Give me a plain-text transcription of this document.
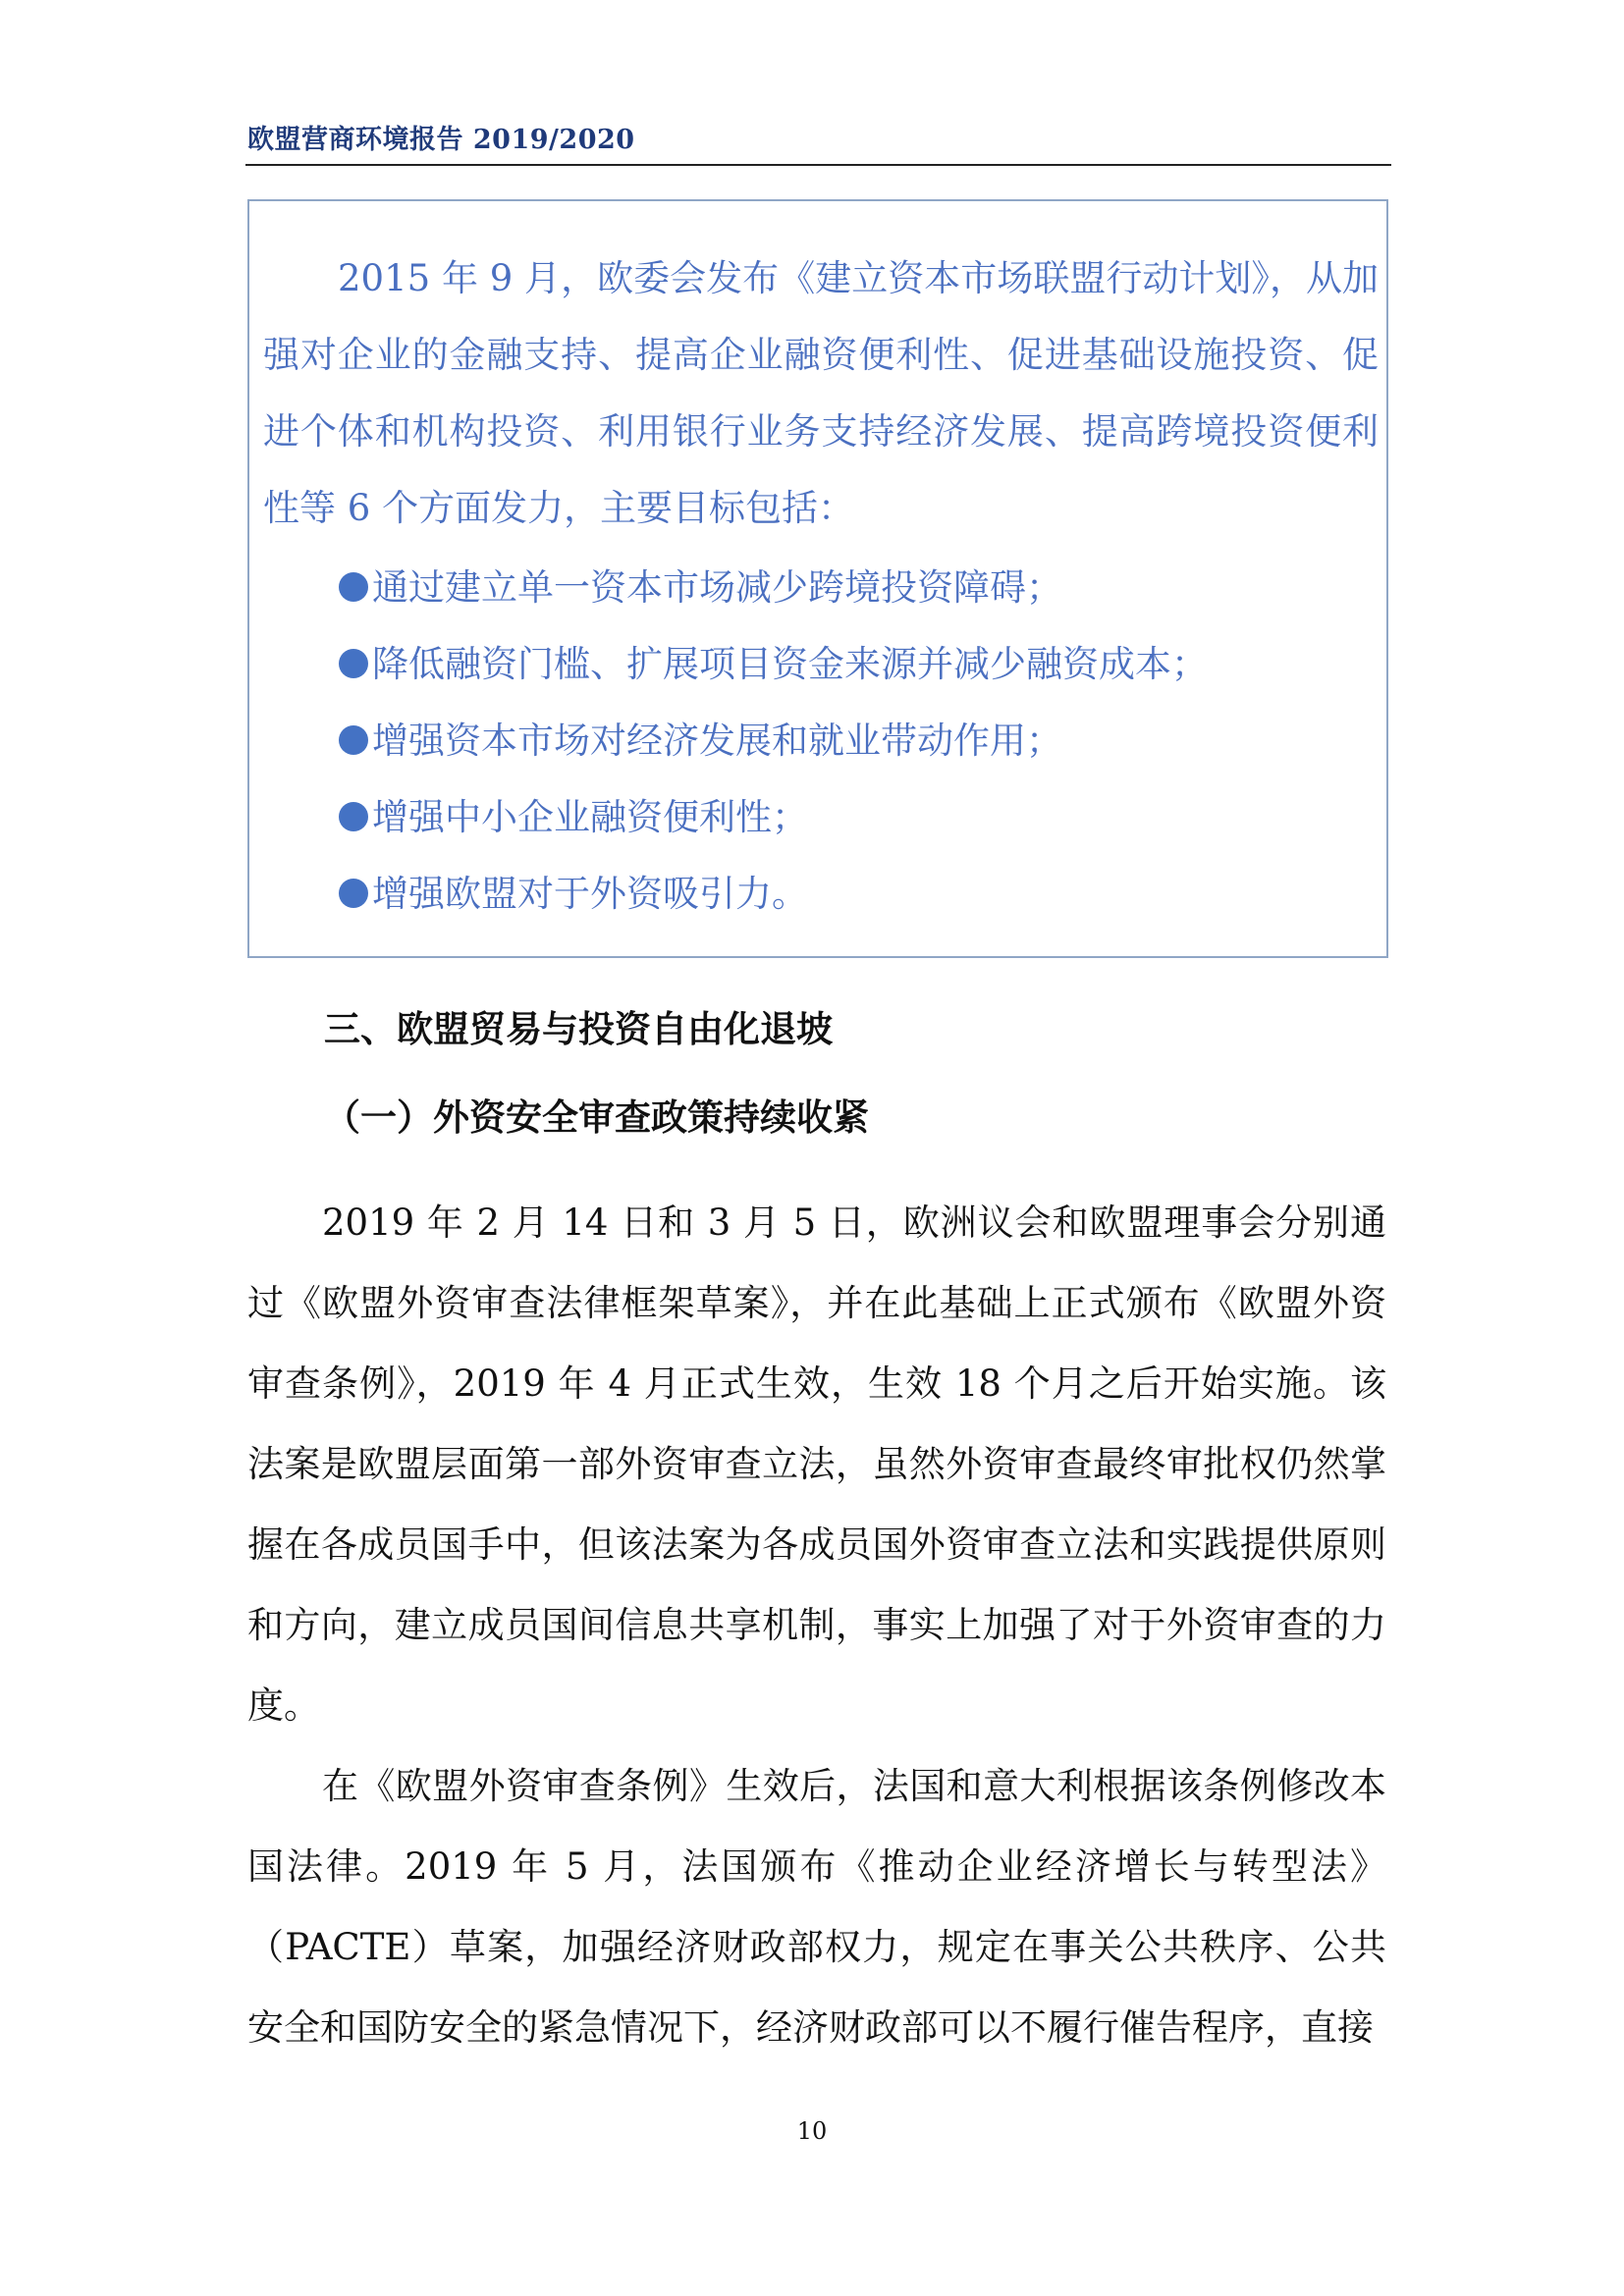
欧盟营商环境报告 2019/2020

2015 年 9 月，欧委会发布《建立资本市场联盟行动计划》，从加强对企业的金融支持、提高企业融资便利性、促进基础设施投资、促进个体和机构投资、利用银行业务支持经济发展、提高跨境投资便利性等 6 个方面发力，主要目标包括：

通过建立单一资本市场减少跨境投资障碍；
降低融资门槛、扩展项目资金来源并减少融资成本；
增强资本市场对经济发展和就业带动作用；
增强中小企业融资便利性；
增强欧盟对于外资吸引力。
三、欧盟贸易与投资自由化退坡
（一）外资安全审查政策持续收紧

2019 年 2 月 14 日和 3 月 5 日，欧洲议会和欧盟理事会分别通过《欧盟外资审查法律框架草案》，并在此基础上正式颁布《欧盟外资审查条例》，2019 年 4 月正式生效，生效 18 个月之后开始实施。该法案是欧盟层面第一部外资审查立法，虽然外资审查最终审批权仍然掌握在各成员国手中，但该法案为各成员国外资审查立法和实践提供原则和方向，建立成员国间信息共享机制，事实上加强了对于外资审查的力度。

在《欧盟外资审查条例》生效后，法国和意大利根据该条例修改本国法律。2019 年 5 月，法国颁布《推动企业经济增长与转型法》（PACTE）草案，加强经济财政部权力，规定在事关公共秩序、公共安全和国防安全的紧急情况下，经济财政部可以不履行催告程序，直接

10
